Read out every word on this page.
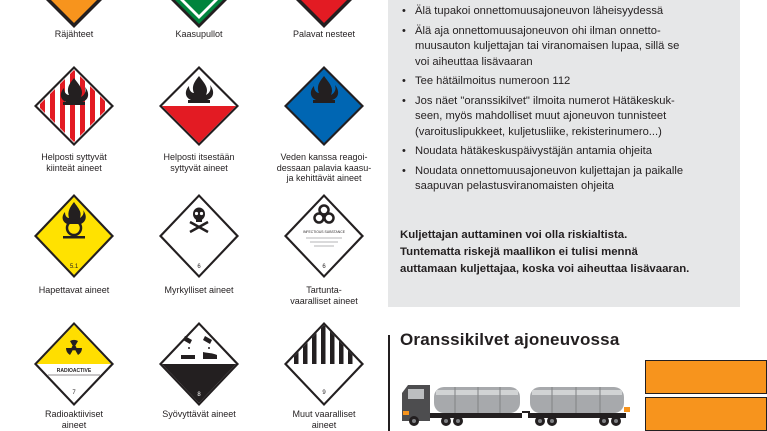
Räjähteet	Kaasupullot	Palavat nesteet
Helposti syttyvät
kiinteät aineet
Helposti itsestään
syttyvät aineet
Veden kanssa reagoi-
dessaan palavia kaasu-
ja kehittävät aineet
5.1
Hapettavat aineet
6
Myrkylliset aineet
INFECTIOUS SUBSTANCE
6
Tartunta-
vaaralliset aineet
RADIOACTIVE
7
Radioaktiiviset
aineet
8
Syövyttävät aineet
9
Muut vaaralliset
aineet
• Älä tupakoi onnettomuusajoneuvon läheisyydessä
• Älä aja onnettomuusajoneuvon ohi ilman onnetto-
muusauton kuljettajan tai viranomaisen lupaa, sillä se
voi aiheuttaa lisävaaran
• Tee hätäilmoitus numeroon 112
• Jos näet "oranssikilvet" ilmoita numerot Hätäkeskuk-
seen, myös mahdolliset muut ajoneuvon tunnisteet
(varoituslipukkeet, kuljetusliike, rekisterinumero...)
• Noudata hätäkeskuspäivystäjän antamia ohjeita
• Noudata onnettomuusajoneuvon kuljettajan ja paikalle
saapuvan pelastusviranomaisten ohjeita
Kuljettajan auttaminen voi olla riskialtista.
Tuntematta riskejä maallikon ei tulisi mennä
auttamaan kuljettajaa, koska voi aiheuttaa lisävaaran.
Oranssikilvet ajoneuvossa
